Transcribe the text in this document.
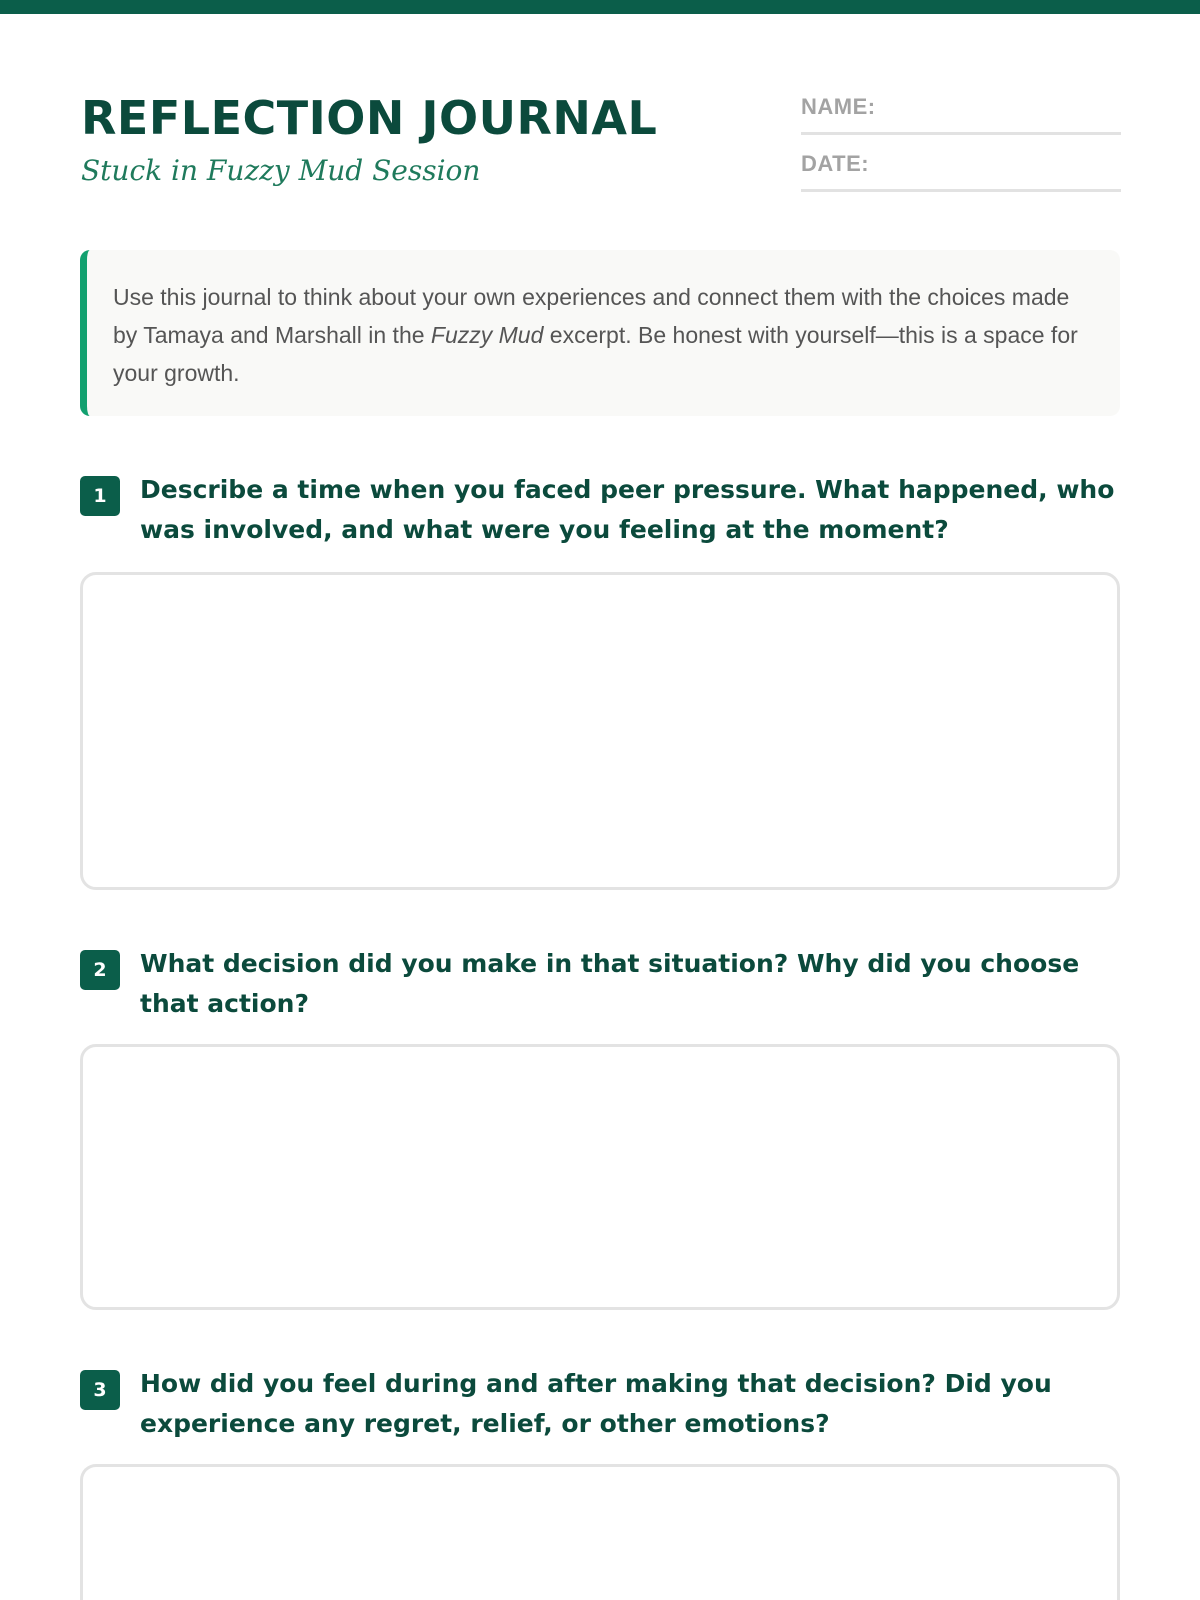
REFLECTION JOURNAL

Stuck in Fuzzy Mud Session

NAME:
DATE:

Use this journal to think about your own experiences and connect them with the choices made by Tamaya and Marshall in the Fuzzy Mud excerpt. Be honest with yourself—this is a space for your growth.

1	Describe a time when you faced peer pressure. What happened, who was involved, and what were you feeling at the moment?

2	What decision did you make in that situation? Why did you choose that action?

3	How did you feel during and after making that decision? Did you experience any regret, relief, or other emotions?
